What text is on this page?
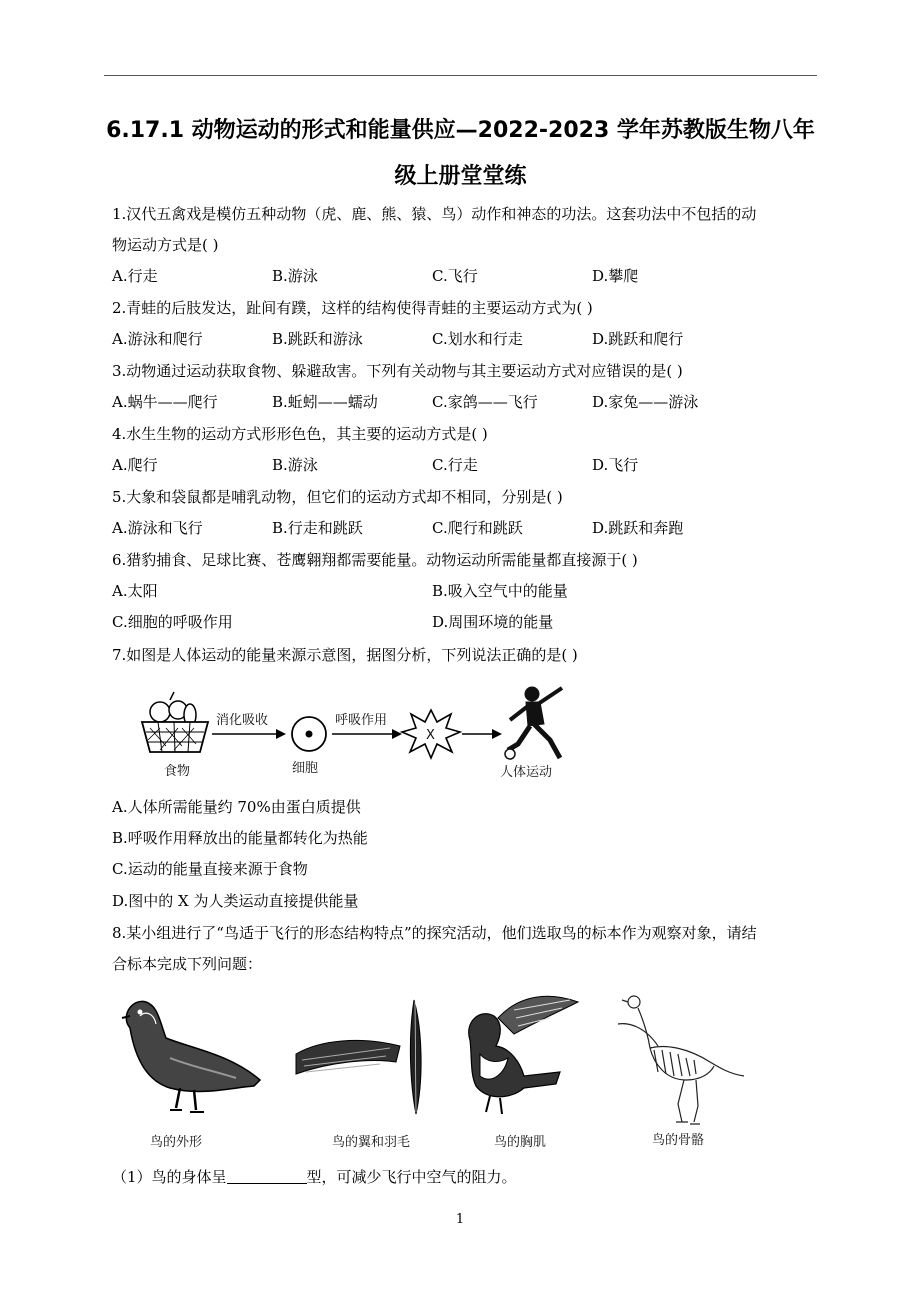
6.17.1 动物运动的形式和能量供应—2022-2023 学年苏教版生物八年
级上册堂堂练
1.汉代五禽戏是模仿五种动物（虎、鹿、熊、猿、鸟）动作和神态的功法。这套功法中不包括的动
物运动方式是( )
A.行走	B.游泳	C.飞行	D.攀爬
2.青蛙的后肢发达，趾间有蹼，这样的结构使得青蛙的主要运动方式为( )
A.游泳和爬行	B.跳跃和游泳	C.划水和行走	D.跳跃和爬行
3.动物通过运动获取食物、躲避敌害。下列有关动物与其主要运动方式对应错误的是( )
A.蜗牛——爬行	B.蚯蚓——蠕动	C.家鸽——飞行	D.家兔——游泳
4.水生生物的运动方式形形色色，其主要的运动方式是( )
A.爬行	B.游泳	C.行走	D.飞行
5.大象和袋鼠都是哺乳动物，但它们的运动方式却不相同，分别是( )
A.游泳和飞行	B.行走和跳跃	C.爬行和跳跃	D.跳跃和奔跑
6.猎豹捕食、足球比赛、苍鹰翱翔都需要能量。动物运动所需能量都直接源于( )
A.太阳	B.吸入空气中的能量
C.细胞的呼吸作用	D.周围环境的能量
7.如图是人体运动的能量来源示意图，据图分析，下列说法正确的是( )
食物
消化吸收
细胞
呼吸作用
X
人体运动
A.人体所需能量约 70%由蛋白质提供
B.呼吸作用释放出的能量都转化为热能
C.运动的能量直接来源于食物
D.图中的 X 为人类运动直接提供能量
8.某小组进行了“鸟适于飞行的形态结构特点”的探究活动，他们选取鸟的标本作为观察对象，请结
合标本完成下列问题：
鸟的外形	鸟的翼和羽毛	鸟的胸肌	鸟的骨骼
（1）鸟的身体呈	型，可减少飞行中空气的阻力。
1
